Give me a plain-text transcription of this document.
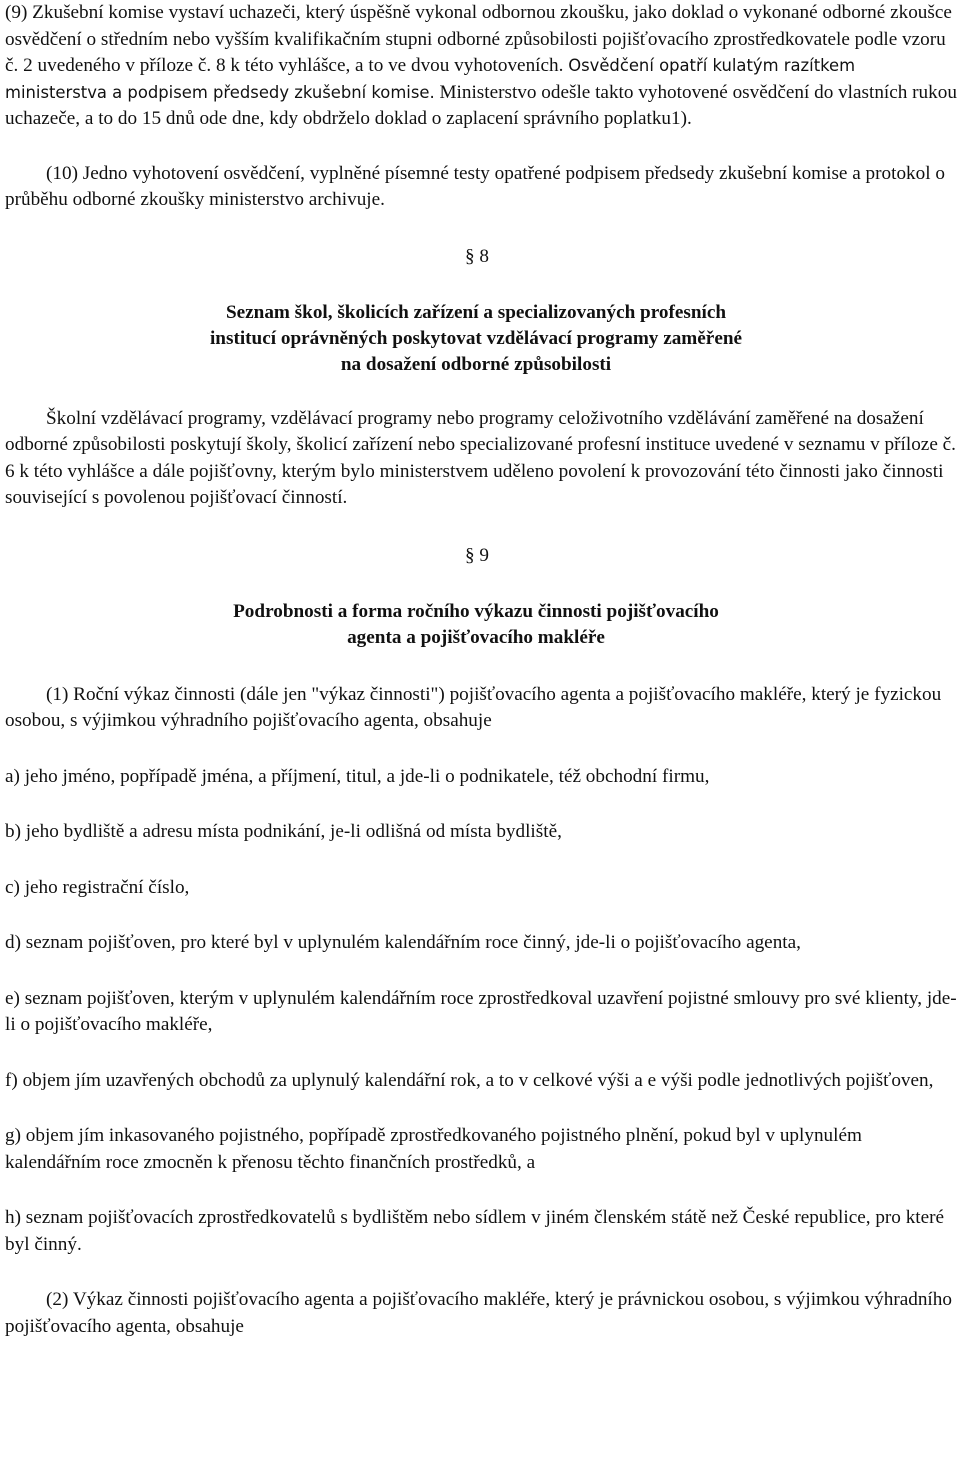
(9) Zkušební komise vystaví uchazeči, který úspěšně vykonal odbornou zkoušku, jako doklad o vykonané odborné zkoušce osvědčení o středním nebo vyšším kvalifikačním stupni odborné způsobilosti pojišťovacího zprostředkovatele podle vzoru č. 2 uvedeného v příloze č. 8 k této vyhlášce, a to ve dvou vyhotoveních. Osvědčení opatří kulatým razítkem ministerstva a podpisem předsedy zkušební komise. Ministerstvo odešle takto vyhotovené osvědčení do vlastních rukou uchazeče, a to do 15 dnů ode dne, kdy obdrželo doklad o zaplacení správního poplatku1).

(10) Jedno vyhotovení osvědčení, vyplněné písemné testy opatřené podpisem předsedy zkušební komise a protokol o průběhu odborné zkoušky ministerstvo archivuje.

§ 8

Seznam škol, školicích zařízení a specializovaných profesních

institucí oprávněných poskytovat vzdělávací programy zaměřené

na dosažení odborné způsobilosti

Školní vzdělávací programy, vzdělávací programy nebo programy celoživotního vzdělávání zaměřené na dosažení odborné způsobilosti poskytují školy, školicí zařízení nebo specializované profesní instituce uvedené v seznamu v příloze č. 6 k této vyhlášce a dále pojišťovny, kterým bylo ministerstvem uděleno povolení k provozování této činnosti jako činnosti související s povolenou pojišťovací činností.

§ 9

Podrobnosti a forma ročního výkazu činnosti pojišťovacího

agenta a pojišťovacího makléře

(1) Roční výkaz činnosti (dále jen "výkaz činnosti") pojišťovacího agenta a pojišťovacího makléře, který je fyzickou osobou, s výjimkou výhradního pojišťovacího agenta, obsahuje

a) jeho jméno, popřípadě jména, a příjmení, titul, a jde-li o podnikatele, též obchodní firmu,

b) jeho bydliště a adresu místa podnikání, je-li odlišná od místa bydliště,

c) jeho registrační číslo,

d) seznam pojišťoven, pro které byl v uplynulém kalendářním roce činný, jde-li o pojišťovacího agenta,

e) seznam pojišťoven, kterým v uplynulém kalendářním roce zprostředkoval uzavření pojistné smlouvy pro své klienty, jde-li o pojišťovacího makléře,

f) objem jím uzavřených obchodů za uplynulý kalendářní rok, a to v celkové výši a e výši podle jednotlivých pojišťoven,

g) objem jím inkasovaného pojistného, popřípadě zprostředkovaného pojistného plnění, pokud byl v uplynulém kalendářním roce zmocněn k přenosu těchto finančních prostředků, a

h) seznam pojišťovacích zprostředkovatelů s bydlištěm nebo sídlem v jiném členském státě než České republice, pro které byl činný.

(2) Výkaz činnosti pojišťovacího agenta a pojišťovacího makléře, který je právnickou osobou, s výjimkou výhradního pojišťovacího agenta, obsahuje
